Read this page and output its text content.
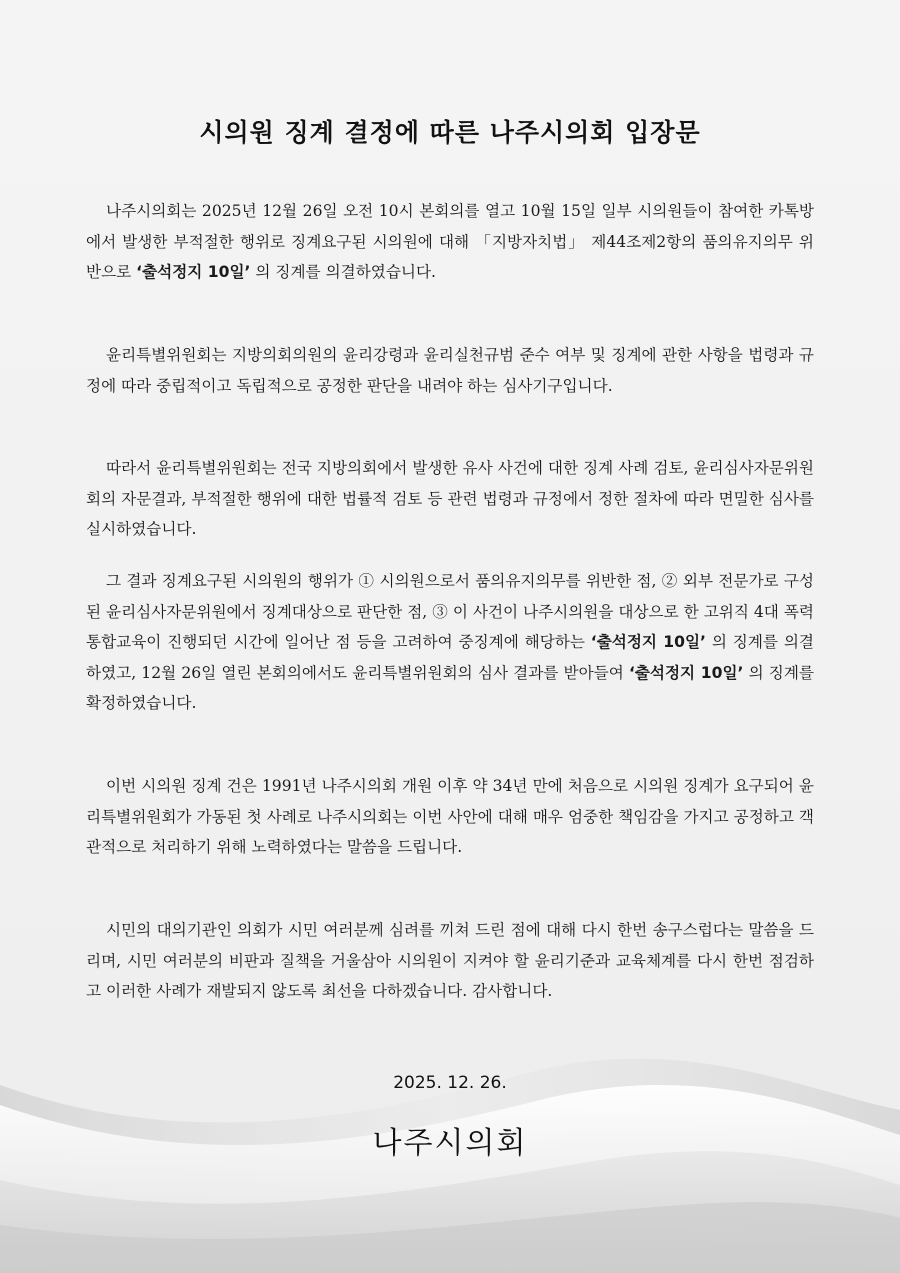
시의원 징계 결정에 따른 나주시의회 입장문

나주시의회는 2025년 12월 26일 오전 10시 본회의를 열고 10월 15일 일부 시의원들이 참여한 카톡방에서 발생한 부적절한 행위로 징계요구된 시의원에 대해 「지방자치법」 제44조제2항의 품의유지의무 위반으로 ‘출석정지 10일’ 의 징계를 의결하였습니다.

윤리특별위원회는 지방의회의원의 윤리강령과 윤리실천규범 준수 여부 및 징계에 관한 사항을 법령과 규정에 따라 중립적이고 독립적으로 공정한 판단을 내려야 하는 심사기구입니다.

따라서 윤리특별위원회는 전국 지방의회에서 발생한 유사 사건에 대한 징계 사례 검토, 윤리심사자문위원회의 자문결과, 부적절한 행위에 대한 법률적 검토 등 관련 법령과 규정에서 정한 절차에 따라 면밀한 심사를 실시하였습니다.

그 결과 징계요구된 시의원의 행위가 ① 시의원으로서 품의유지의무를 위반한 점, ② 외부 전문가로 구성된 윤리심사자문위원에서 징계대상으로 판단한 점, ③ 이 사건이 나주시의원을 대상으로 한 고위직 4대 폭력 통합교육이 진행되던 시간에 일어난 점 등을 고려하여 중징계에 해당하는 ‘출석정지 10일’ 의 징계를 의결하였고, 12월 26일 열린 본회의에서도 윤리특별위원회의 심사 결과를 받아들여 ‘출석정지 10일’ 의 징계를 확정하였습니다.

이번 시의원 징계 건은 1991년 나주시의회 개원 이후 약 34년 만에 처음으로 시의원 징계가 요구되어 윤리특별위원회가 가동된 첫 사례로 나주시의회는 이번 사안에 대해 매우 엄중한 책임감을 가지고 공정하고 객관적으로 처리하기 위해 노력하였다는 말씀을 드립니다.

시민의 대의기관인 의회가 시민 여러분께 심려를 끼쳐 드린 점에 대해 다시 한번 송구스럽다는 말씀을 드리며, 시민 여러분의 비판과 질책을 거울삼아 시의원이 지켜야 할 윤리기준과 교육체계를 다시 한번 점검하고 이러한 사례가 재발되지 않도록 최선을 다하겠습니다. 감사합니다.

2025. 12. 26.
나주시의회
